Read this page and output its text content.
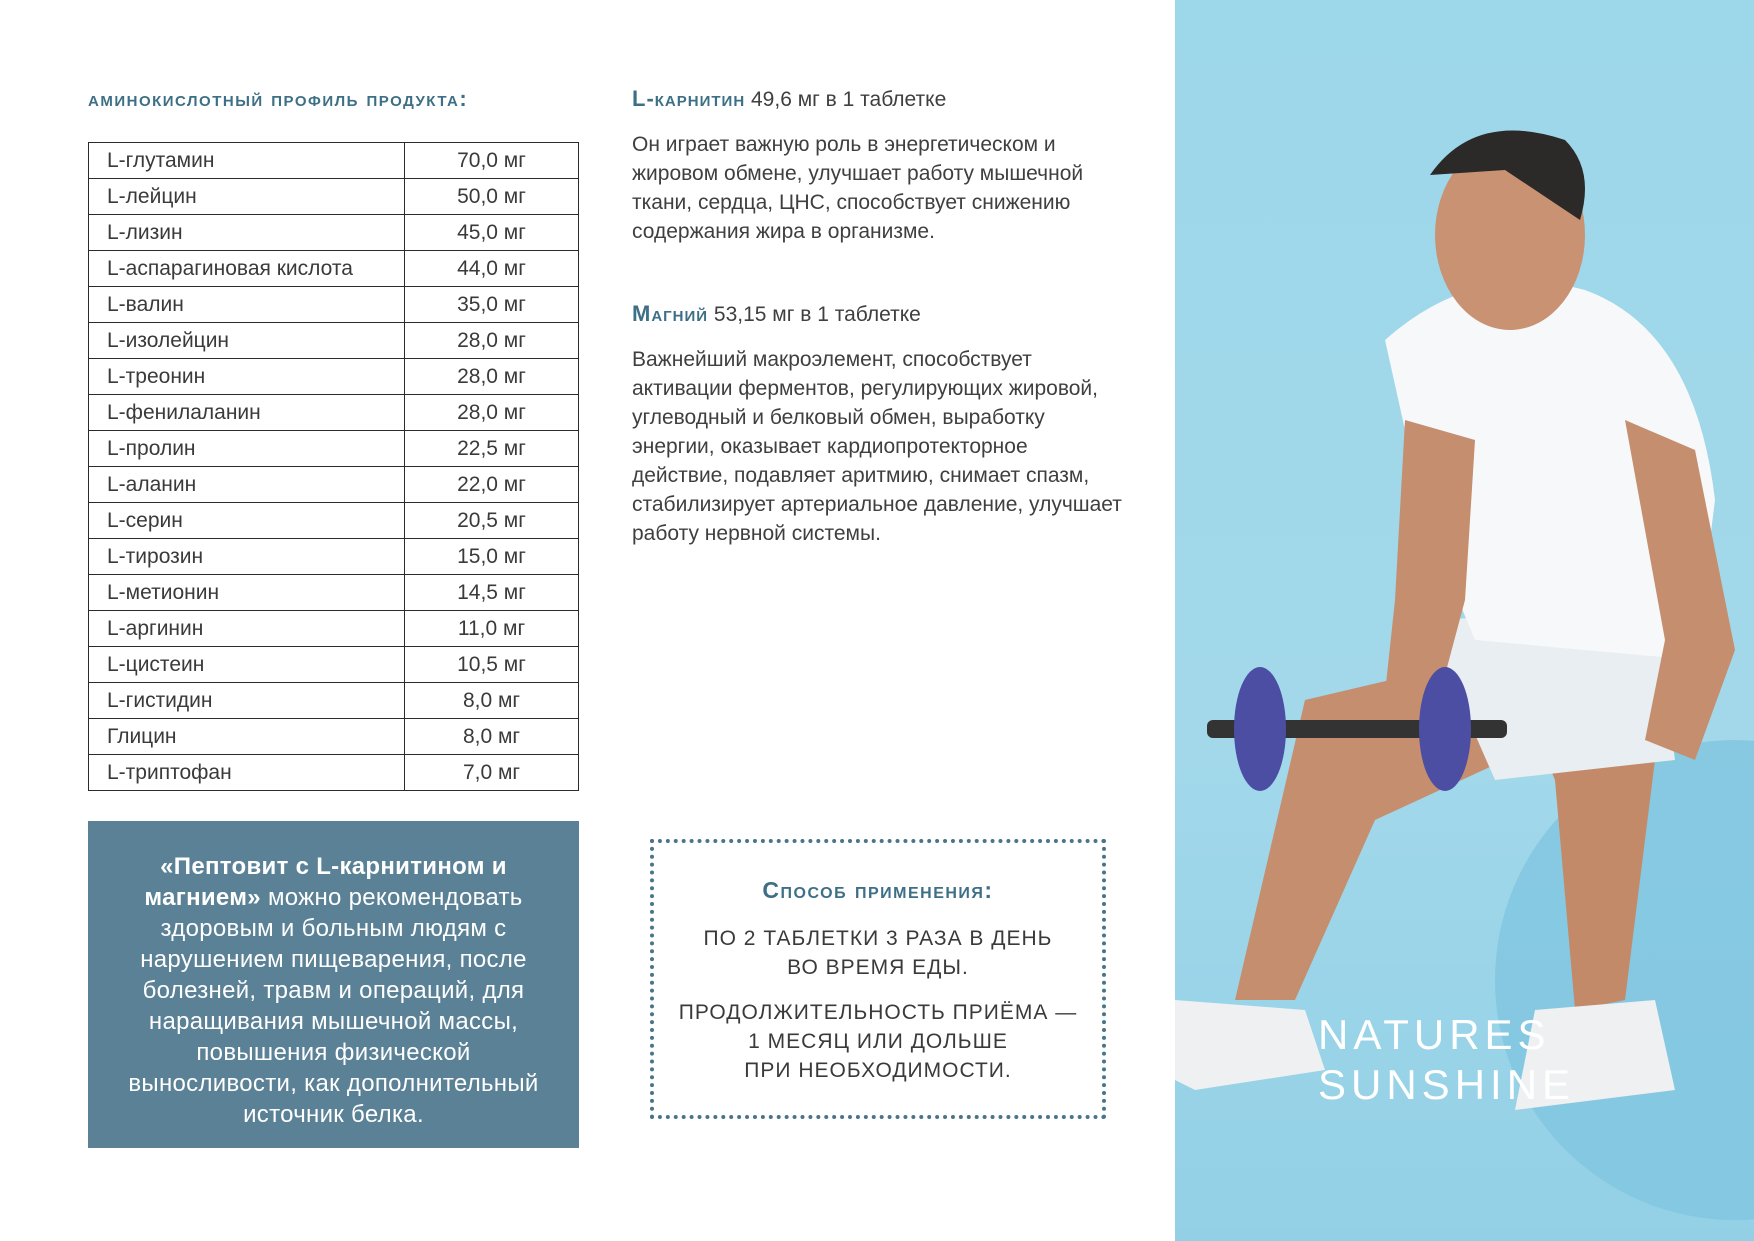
аминокислотный профиль продукта:
L-глутамин	70,0 мг
L-лейцин	50,0 мг
L-лизин	45,0 мг
L-аспарагиновая кислота	44,0 мг
L-валин	35,0 мг
L-изолейцин	28,0 мг
L-треонин	28,0 мг
L-фенилаланин	28,0 мг
L-пролин	22,5 мг
L-аланин	22,0 мг
L-серин	20,5 мг
L-тирозин	15,0 мг
L-метионин	14,5 мг
L-аргинин	11,0 мг
L-цистеин	10,5 мг
L-гистидин	8,0 мг
Глицин	8,0 мг
L-триптофан	7,0 мг

L-карнитин 49,6 мг в 1 таблетке

Он играет важную роль в энергетическом и жировом обмене, улучшает работу мышечной ткани, сердца, ЦНС, способствует снижению содержания жира в организме.

Магний 53,15 мг в 1 таблетке

Важнейший макроэлемент, способствует активации ферментов, регулирующих жировой, углеводный и белковый обмен, выработку энергии, оказывает кардиопротекторное действие, подавляет аритмию, снимает спазм, стабилизирует артериальное давление, улучшает работу нервной системы.

«Пептовит с L-карнитином и магнием» можно рекомендовать здоровым и больным людям с нарушением пищеварения, после болезней, травм и операций, для наращивания мышечной массы, повышения физической выносливости, как дополнительный источник белка.
Способ применения:

ПО 2 ТАБЛЕТКИ 3 РАЗА В ДЕНЬ

ВО ВРЕМЯ ЕДЫ.

ПРОДОЛЖИТЕЛЬНОСТЬ ПРИЁМА —

1 МЕСЯЦ ИЛИ ДОЛЬШЕ

ПРИ НЕОБХОДИМОСТИ.

NATURES
SUNSHINE
